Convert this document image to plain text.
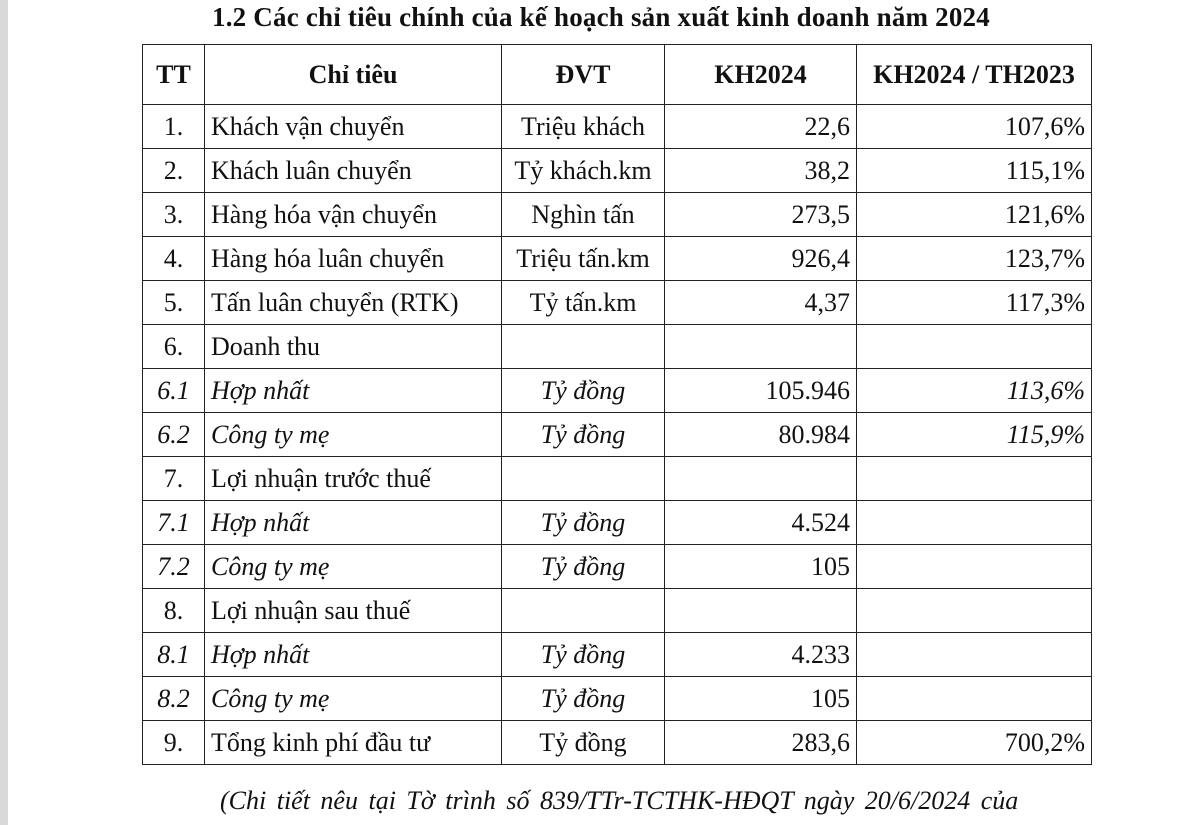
1.2 Các chỉ tiêu chính của kế hoạch sản xuất kinh doanh năm 2024
TT	Chỉ tiêu	ĐVT	KH2024	KH2024 / TH2023
1.	Khách vận chuyển	Triệu khách	22,6	107,6%
2.	Khách luân chuyển	Tỷ khách.km	38,2	115,1%
3.	Hàng hóa vận chuyển	Nghìn tấn	273,5	121,6%
4.	Hàng hóa luân chuyển	Triệu tấn.km	926,4	123,7%
5.	Tấn luân chuyển (RTK)	Tỷ tấn.km	4,37	117,3%
6.	Doanh thu			
6.1	Hợp nhất	Tỷ đồng	105.946	113,6%
6.2	Công ty mẹ	Tỷ đồng	80.984	115,9%
7.	Lợi nhuận trước thuế			
7.1	Hợp nhất	Tỷ đồng	4.524	
7.2	Công ty mẹ	Tỷ đồng	105	
8.	Lợi nhuận sau thuế			
8.1	Hợp nhất	Tỷ đồng	4.233	
8.2	Công ty mẹ	Tỷ đồng	105	
9.	Tổng kinh phí đầu tư	Tỷ đồng	283,6	700,2%
(Chi tiết nêu tại Tờ trình số 839/TTr-TCTHK-HĐQT ngày 20/6/2024 của
